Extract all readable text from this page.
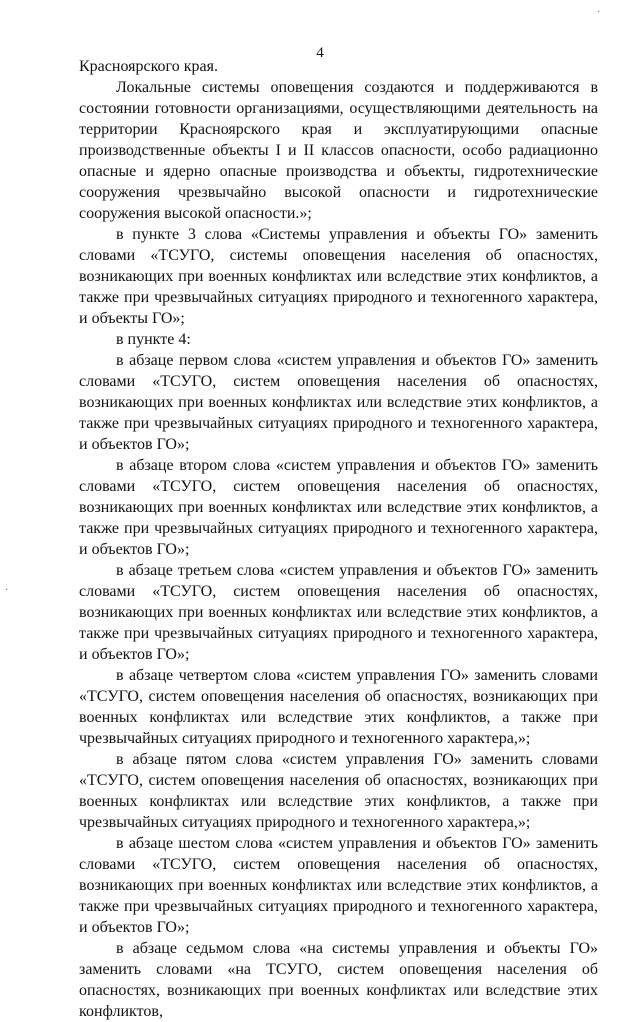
·
·
4

Красноярского края.

Локальные системы оповещения создаются и поддерживаются в состоянии готовности организациями, осуществляющими деятельность на территории Красноярского края и эксплуатирующими опасные производственные объекты I и II классов опасности, особо радиационно опасные и ядерно опасные производства и объекты, гидротехнические сооружения чрезвычайно высокой опасности и гидротехнические сооружения высокой опасности.»;

в пункте 3 слова «Системы управления и объекты ГО» заменить словами «ТСУГО, системы оповещения населения об опасностях, возникающих при военных конфликтах или вследствие этих конфликтов, а также при чрезвычайных ситуациях природного и техногенного характера, и объекты ГО»;

в пункте 4:

в абзаце первом слова «систем управления и объектов ГО» заменить словами «ТСУГО, систем оповещения населения об опасностях, возникающих при военных конфликтах или вследствие этих конфликтов, а также при чрезвычайных ситуациях природного и техногенного характера, и объектов ГО»;

в абзаце втором слова «систем управления и объектов ГО» заменить словами «ТСУГО, систем оповещения населения об опасностях, возникающих при военных конфликтах или вследствие этих конфликтов, а также при чрезвычайных ситуациях природного и техногенного характера, и объектов ГО»;

в абзаце третьем слова «систем управления и объектов ГО» заменить словами «ТСУГО, систем оповещения населения об опасностях, возникающих при военных конфликтах или вследствие этих конфликтов, а также при чрезвычайных ситуациях природного и техногенного характера, и объектов ГО»;

в абзаце четвертом слова «систем управления ГО» заменить словами «ТСУГО, систем оповещения населения об опасностях, возникающих при военных конфликтах или вследствие этих конфликтов, а также при чрезвычайных ситуациях природного и техногенного характера,»;

в абзаце пятом слова «систем управления ГО» заменить словами «ТСУГО, систем оповещения населения об опасностях, возникающих при военных конфликтах или вследствие этих конфликтов, а также при чрезвычайных ситуациях природного и техногенного характера,»;

в абзаце шестом слова «систем управления и объектов ГО» заменить словами «ТСУГО, систем оповещения населения об опасностях, возникающих при военных конфликтах или вследствие этих конфликтов, а также при чрезвычайных ситуациях природного и техногенного характера, и объектов ГО»;

в абзаце седьмом слова «на системы управления и объекты ГО» заменить словами «на ТСУГО, систем оповещения населения об опасностях, возникающих при военных конфликтах или вследствие этих конфликтов,
